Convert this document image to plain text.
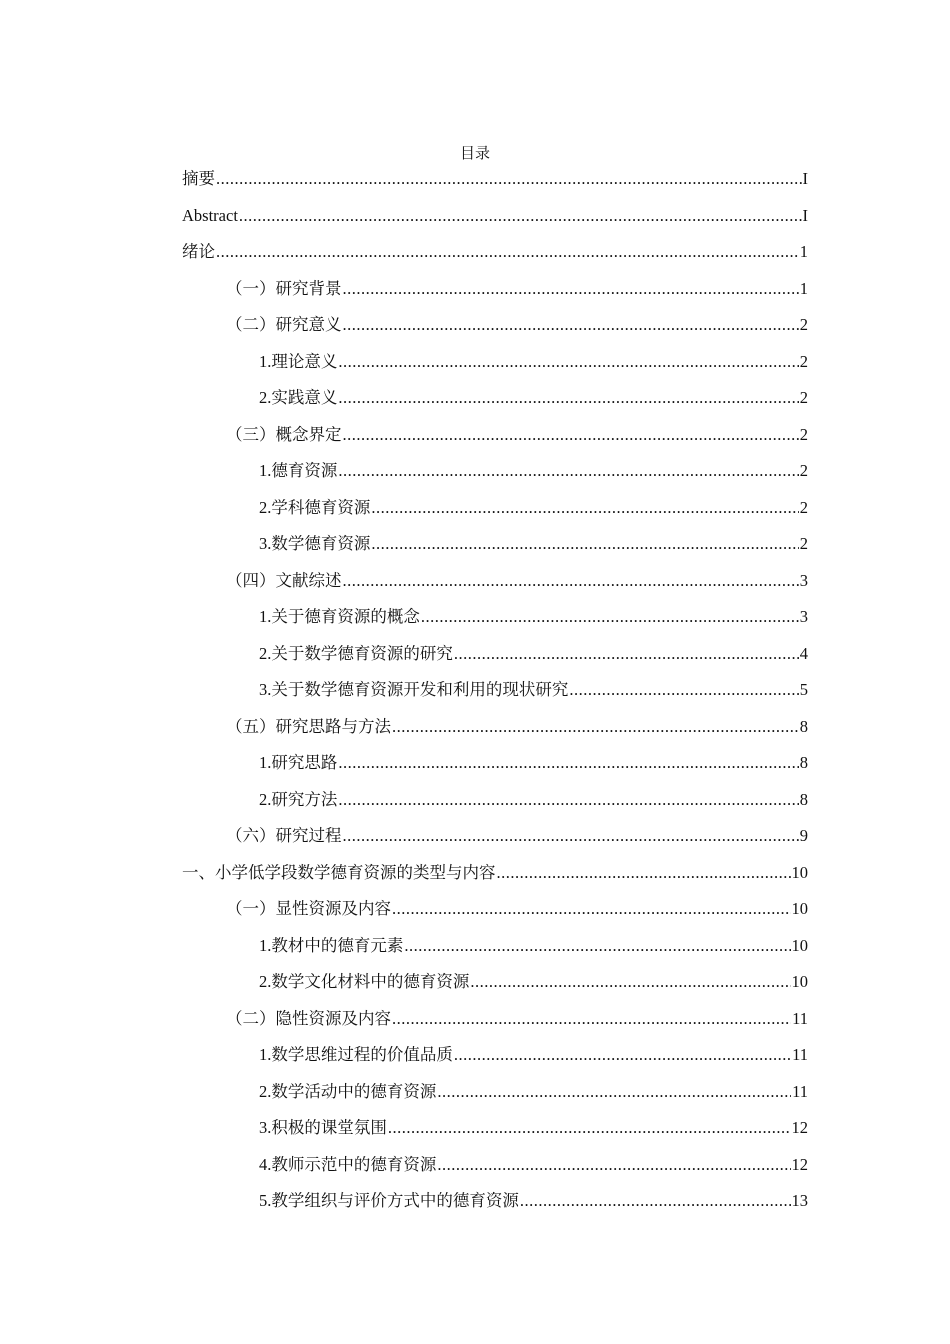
目录
摘要 .....	I
Abstract .....	I
绪论 .....	1
（一）研究背景 .....	1
（二）研究意义 .....	2
1.理论意义 .....	2
2.实践意义 .....	2
（三）概念界定 .....	2
1.德育资源 .....	2
2.学科德育资源 .....	2
3.数学德育资源 .....	2
（四）文献综述 .....	3
1.关于德育资源的概念 .....	3
2.关于数学德育资源的研究 .....	4
3.关于数学德育资源开发和利用的现状研究 .....	5
（五）研究思路与方法 .....	8
1.研究思路 .....	8
2.研究方法 .....	8
（六）研究过程 .....	9
一、小学低学段数学德育资源的类型与内容 .....	10
（一）显性资源及内容 .....	10
1.教材中的德育元素 .....	10
2.数学文化材料中的德育资源 .....	10
（二）隐性资源及内容 .....	11
1.数学思维过程的价值品质 .....	11
2.数学活动中的德育资源 .....	11
3.积极的课堂氛围 .....	12
4.教师示范中的德育资源 .....	12
5.教学组织与评价方式中的德育资源 .....	13
